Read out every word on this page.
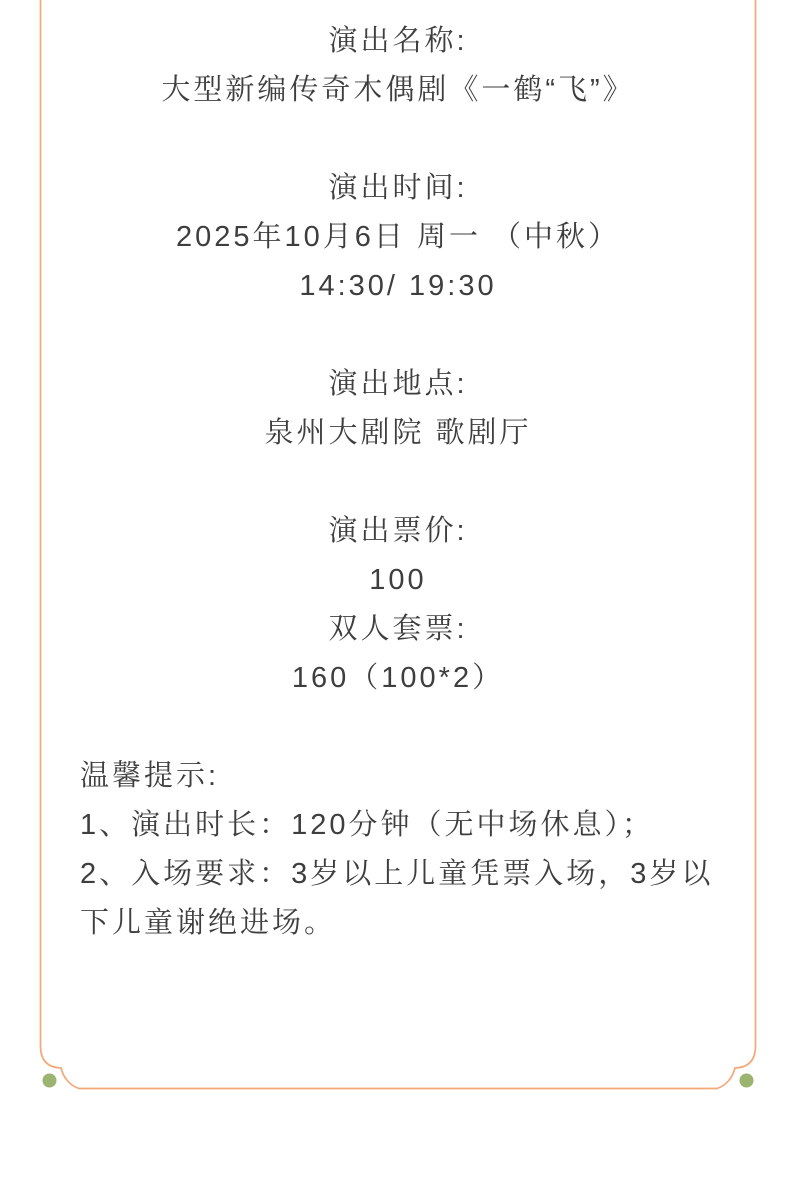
演出名称:
大型新编传奇木偶剧《一鹤“飞”》
演出时间:
2025年10月6日 周一 （中秋）
14:30/ 19:30
演出地点:
泉州大剧院 歌剧厅
演出票价:
100
双人套票:
160（100*2）
温馨提示:
1、演出时长：120分钟（无中场休息）；
2、入场要求：3岁以上儿童凭票入场，3岁以
下儿童谢绝进场。
